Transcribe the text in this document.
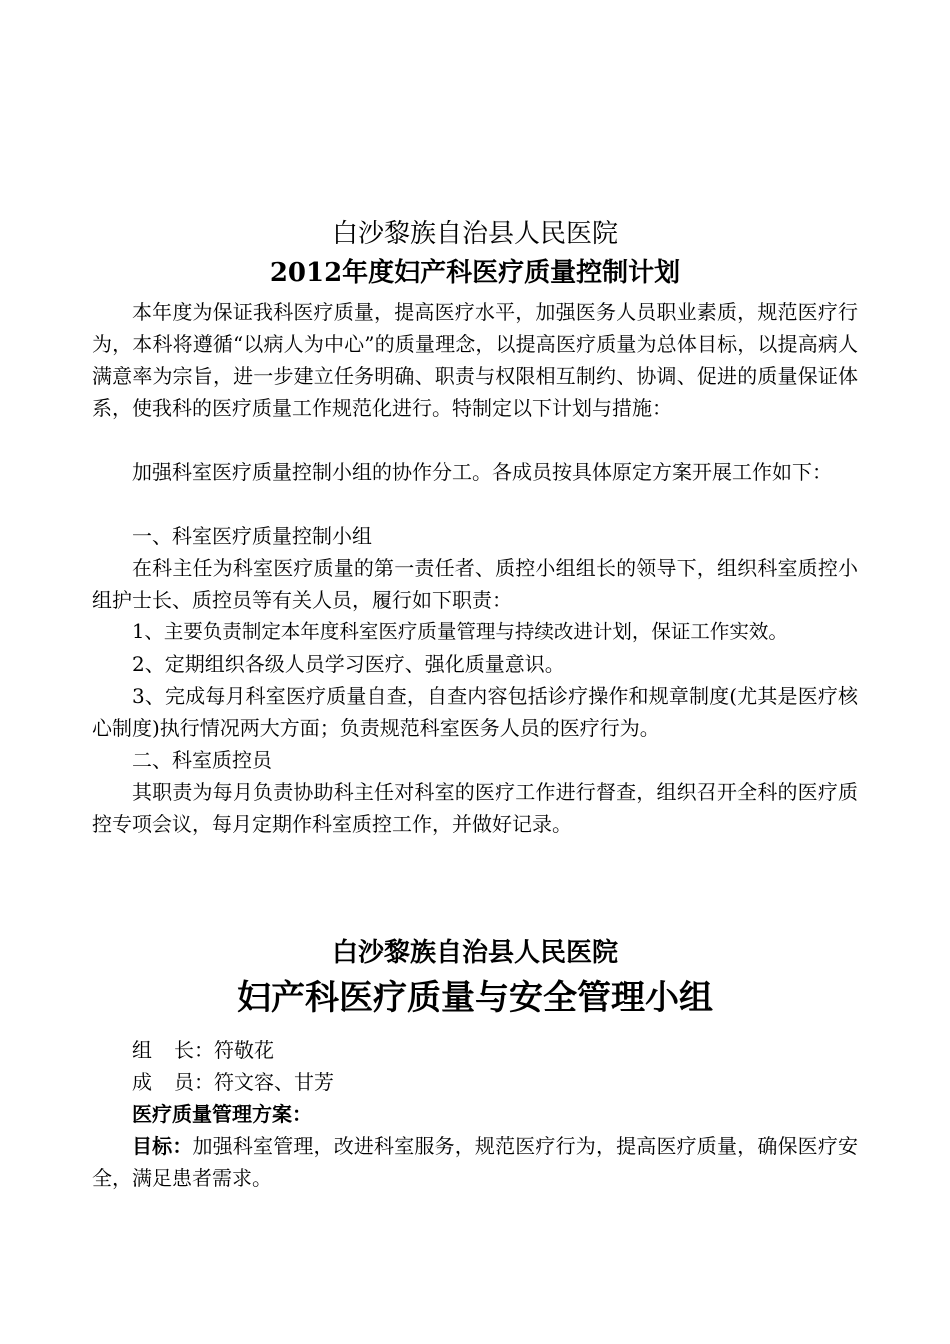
白沙黎族自治县人民医院
2012年度妇产科医疗质量控制计划
本年度为保证我科医疗质量，提高医疗水平，加强医务人员职业素质，规范医疗行为，本科将遵循“以病人为中心”的质量理念，以提高医疗质量为总体目标，以提高病人满意率为宗旨，进一步建立任务明确、职责与权限相互制约、协调、促进的质量保证体系，使我科的医疗质量工作规范化进行。特制定以下计划与措施：
加强科室医疗质量控制小组的协作分工。各成员按具体原定方案开展工作如下：
一、科室医疗质量控制小组
在科主任为科室医疗质量的第一责任者、质控小组组长的领导下，组织科室质控小组护士长、质控员等有关人员，履行如下职责：
1、主要负责制定本年度科室医疗质量管理与持续改进计划，保证工作实效。
2、定期组织各级人员学习医疗、强化质量意识。
3、完成每月科室医疗质量自查，自查内容包括诊疗操作和规章制度(尤其是医疗核心制度)执行情况两大方面；负责规范科室医务人员的医疗行为。
二、科室质控员
其职责为每月负责协助科主任对科室的医疗工作进行督查，组织召开全科的医疗质控专项会议，每月定期作科室质控工作，并做好记录。
白沙黎族自治县人民医院
妇产科医疗质量与安全管理小组
组 长：符敬花
成 员：符文容、甘芳
医疗质量管理方案：
目标：加强科室管理，改进科室服务，规范医疗行为，提高医疗质量，确保医疗安全，满足患者需求。
